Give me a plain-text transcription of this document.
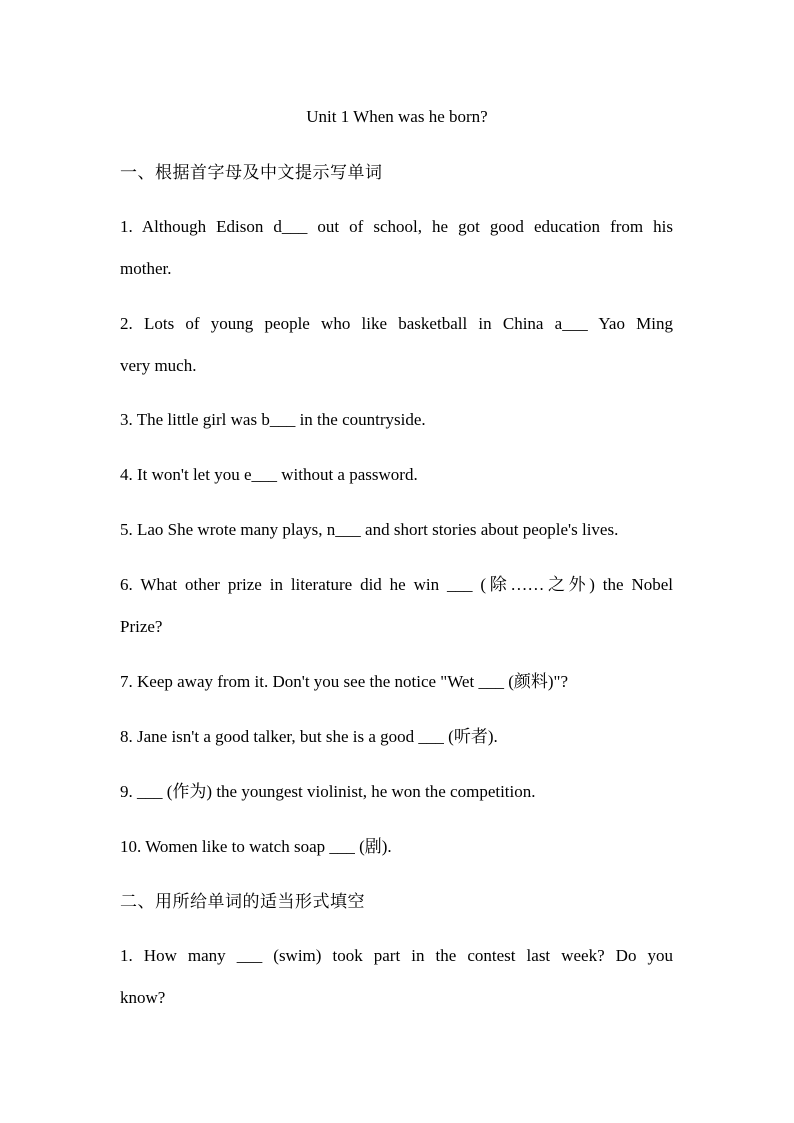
Unit 1 When was he born?
一、根据首字母及中文提示写单词
1. Although Edison d___ out of school, he got good education from his
mother.
2. Lots of young people who like basketball in China a___ Yao Ming
very much.
3. The little girl was b___ in the countryside.
4. It won't let you e___ without a password.
5. Lao She wrote many plays, n___ and short stories about people's lives.
6. What other prize in literature did he win ___ (除……之外) the Nobel
Prize?
7. Keep away from it. Don't you see the notice "Wet ___ (颜料)"?
8. Jane isn't a good talker, but she is a good ___ (听者).
9. ___ (作为) the youngest violinist, he won the competition.
10. Women like to watch soap ___ (剧).
二、用所给单词的适当形式填空
1. How many ___ (swim) took part in the contest last week? Do you
know?
